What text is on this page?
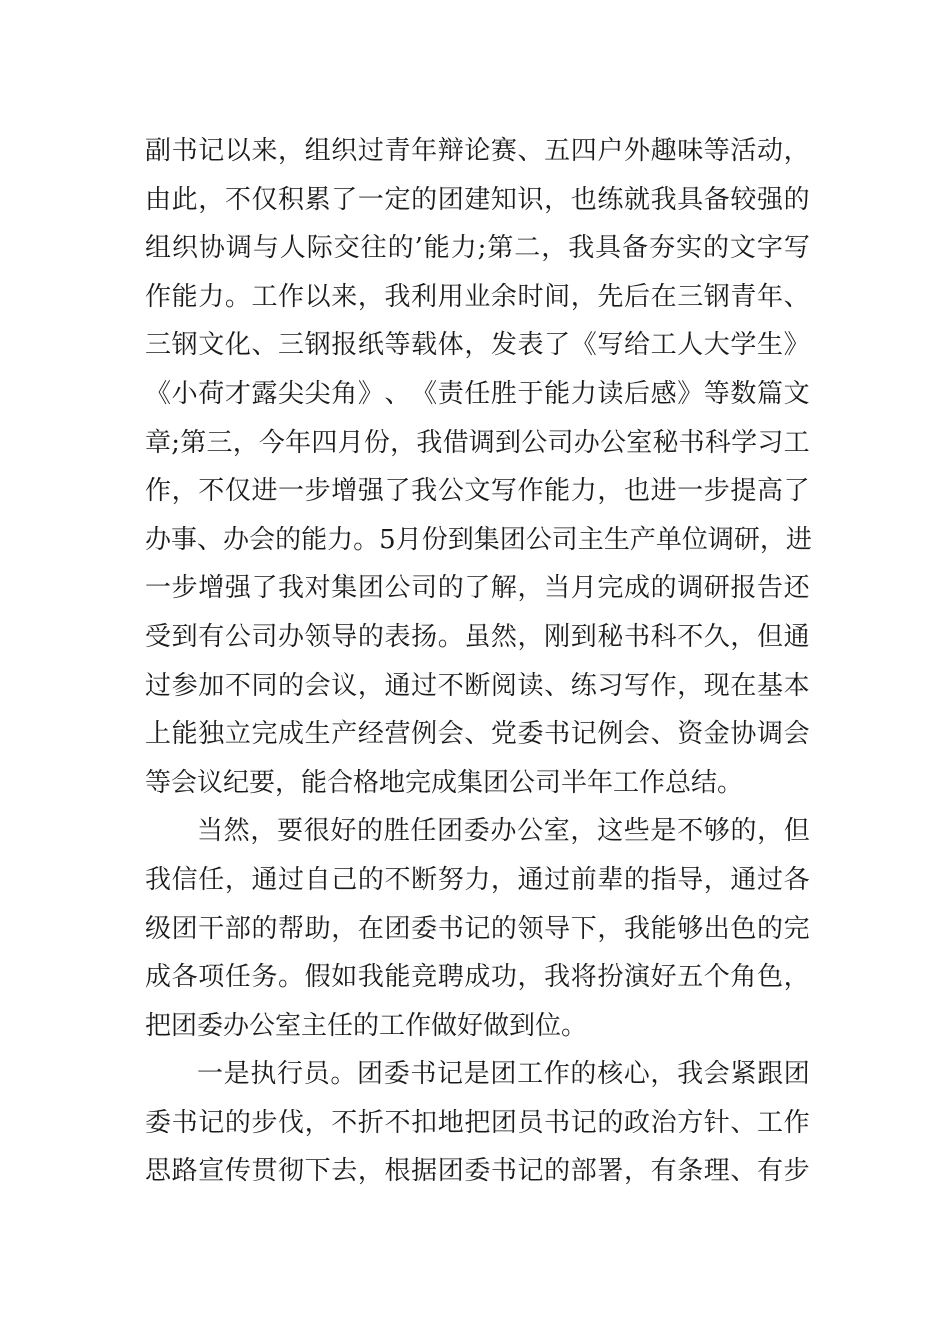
副 书 记 以 来 ， 组 织 过 青 年 辩 论 赛 、 五 四 户 外 趣 味 等 活 动 ，
由 此 ， 不 仅 积 累 了 一 定 的 团 建 知 识 ， 也 练 就 我 具 备 较 强 的
组 织 协 调 与 人 际 交 往 的 ’ 能 力 ; 第 二 ， 我 具 备 夯 实 的 文 字 写
作 能 力 。 工 作 以 来 ， 我 利 用 业 余 时 间 ， 先 后 在 三 钢 青 年 、
三 钢 文 化 、 三 钢 报 纸 等 载 体 ， 发 表 了 《 写 给 工 人 大 学 生 》
《 小 荷 才 露 尖 尖 角 》 、 《 责 任 胜 于 能 力 读 后 感 》 等 数 篇 文
章 ; 第 三 ， 今 年 四 月 份 ， 我 借 调 到 公 司 办 公 室 秘 书 科 学 习 工
作 ， 不 仅 进 一 步 增 强 了 我 公 文 写 作 能 力 ， 也 进 一 步 提 高 了
办 事 、 办 会 的 能 力 。 5 月 份 到 集 团 公 司 主 生 产 单 位 调 研 ， 进
一 步 增 强 了 我 对 集 团 公 司 的 了 解 ， 当 月 完 成 的 调 研 报 告 还
受 到 有 公 司 办 领 导 的 表 扬 。 虽 然 ， 刚 到 秘 书 科 不 久 ， 但 通
过 参 加 不 同 的 会 议 ， 通 过 不 断 阅 读 、 练 习 写 作 ， 现 在 基 本
上 能 独 立 完 成 生 产 经 营 例 会 、 党 委 书 记 例 会 、 资 金 协 调 会
等会议纪要，能合格地完成集团公司半年工作总结。
当 然 ， 要 很 好 的 胜 任 团 委 办 公 室 ， 这 些 是 不 够 的 ， 但
我 信 任 ， 通 过 自 己 的 不 断 努 力 ， 通 过 前 辈 的 指 导 ， 通 过 各
级 团 干 部 的 帮 助 ， 在 团 委 书 记 的 领 导 下 ， 我 能 够 出 色 的 完
成 各 项 任 务 。 假 如 我 能 竞 聘 成 功 ， 我 将 扮 演 好 五 个 角 色 ，
把团委办公室主任的工作做好做到位。
一 是 执 行 员 。 团 委 书 记 是 团 工 作 的 核 心 ， 我 会 紧 跟 团
委 书 记 的 步 伐 ， 不 折 不 扣 地 把 团 员 书 记 的 政 治 方 针 、 工 作
思 路 宣 传 贯 彻 下 去 ， 根 据 团 委 书 记 的 部 署 ， 有 条 理 、 有 步
